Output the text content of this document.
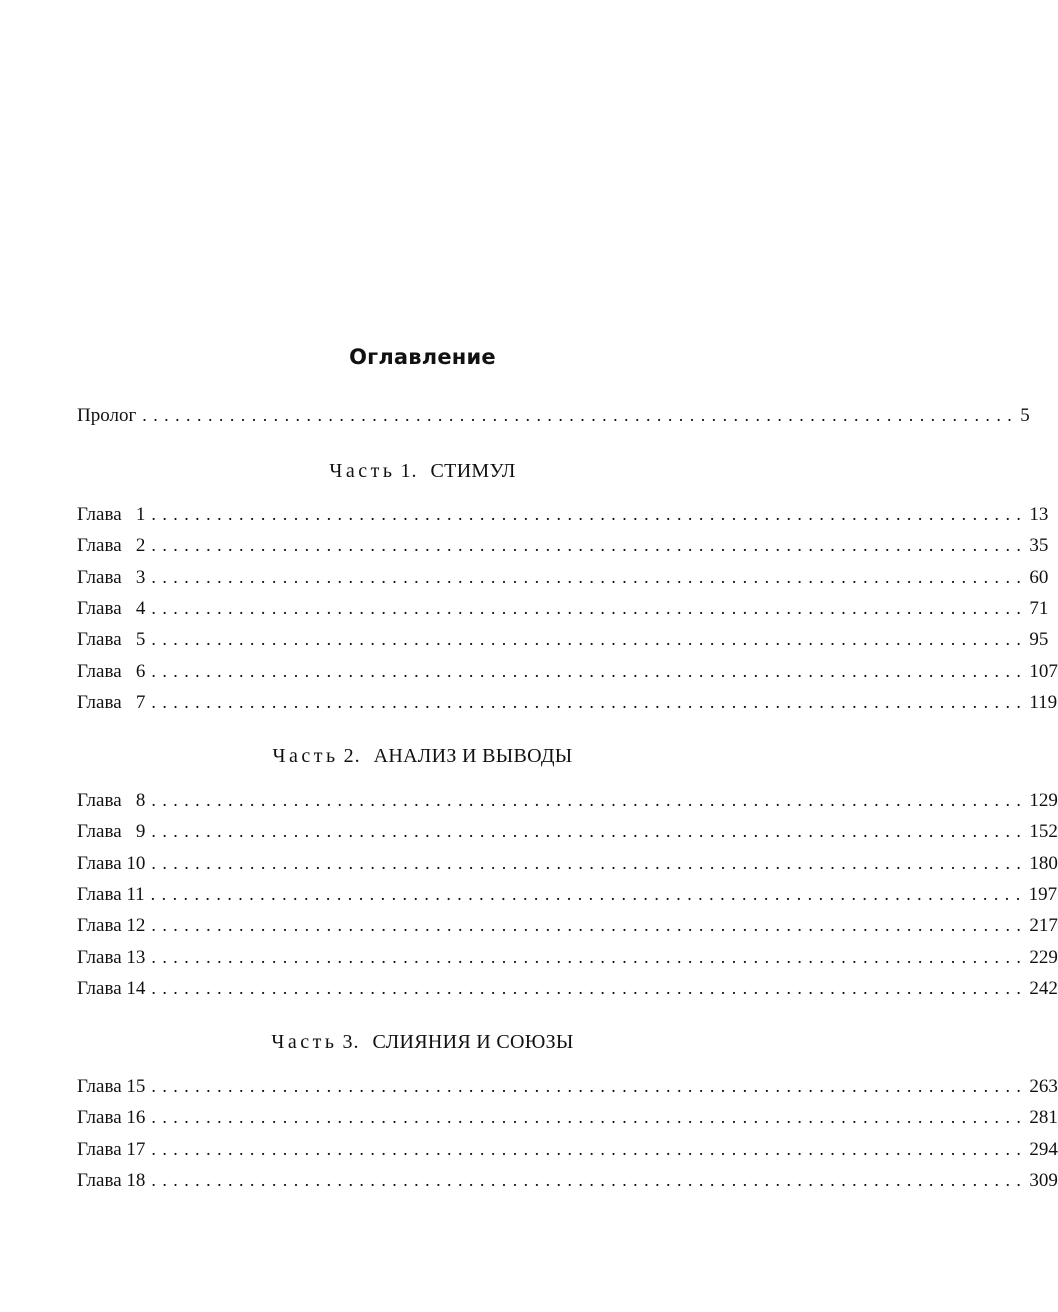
Оглавление
Пролог ................................................................................ 5
Часть 1. СТИМУЛ
Глава   1 ................................................................................ 13
Глава   2 ................................................................................ 35
Глава   3 ................................................................................ 60
Глава   4 ................................................................................ 71
Глава   5 ................................................................................ 95
Глава   6 ................................................................................ 107
Глава   7 ................................................................................ 119
Часть 2. АНАЛИЗ И ВЫВОДЫ
Глава   8 ................................................................................ 129
Глава   9 ................................................................................ 152
Глава 10 ................................................................................ 180
Глава 11 ................................................................................ 197
Глава 12 ................................................................................ 217
Глава 13 ................................................................................ 229
Глава 14 ................................................................................ 242
Часть 3. СЛИЯНИЯ И СОЮЗЫ
Глава 15 ................................................................................ 263
Глава 16 ................................................................................ 281
Глава 17 ................................................................................ 294
Глава 18 ................................................................................ 309
